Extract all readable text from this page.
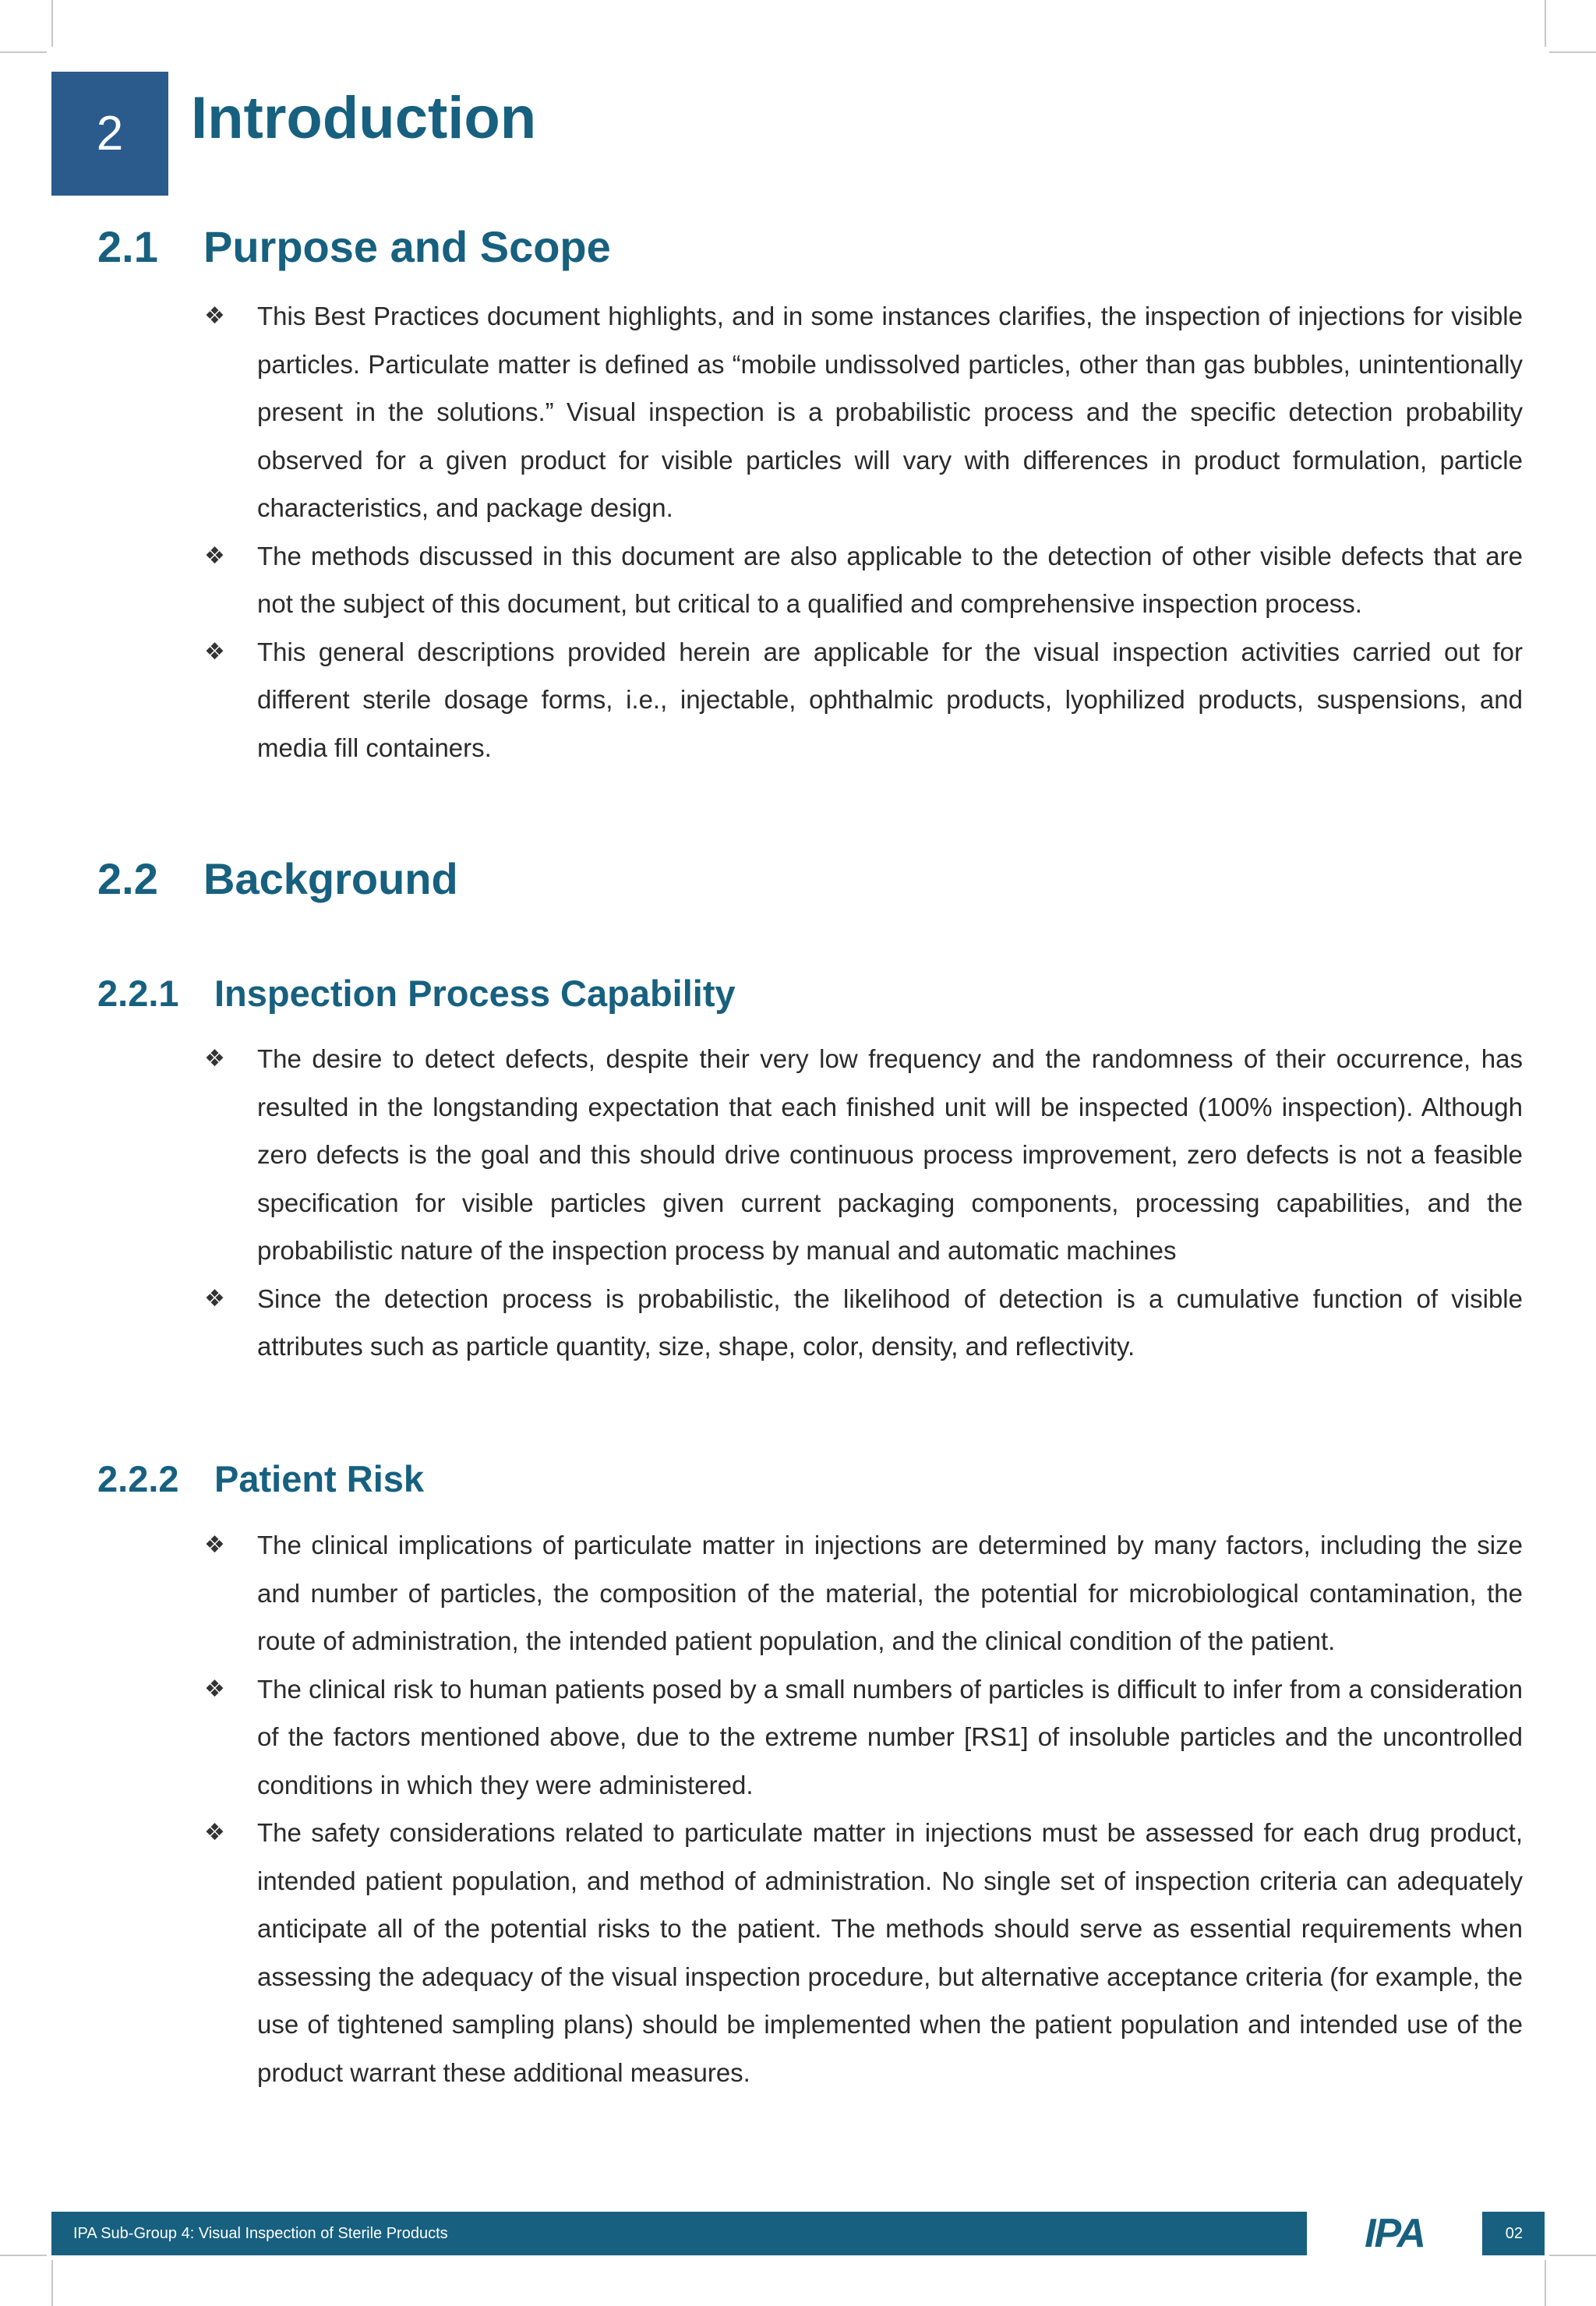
2 Introduction
2.1	Purpose and Scope
❖ This Best Practices document highlights, and in some instances clarifies, the inspection of injections for visible particles. Particulate matter is defined as “mobile undissolved particles, other than gas bubbles, unintentionally present in the solutions.” Visual inspection is a probabilistic process and the specific detection probability observed for a given product for visible particles will vary with differences in product formulation, particle characteristics, and package design.
❖ The methods discussed in this document are also applicable to the detection of other visible defects that are not the subject of this document, but critical to a qualified and comprehensive inspection process.
❖ This general descriptions provided herein are applicable for the visual inspection activities carried out for different sterile dosage forms, i.e., injectable, ophthalmic products, lyophilized products, suspensions, and media fill containers.
2.2	Background
2.2.1 Inspection Process Capability
❖ The desire to detect defects, despite their very low frequency and the randomness of their occurrence, has resulted in the longstanding expectation that each finished unit will be inspected (100% inspection). Although zero defects is the goal and this should drive continuous process improvement, zero defects is not a feasible specification for visible particles given current packaging components, processing capabilities, and the probabilistic nature of the inspection process by manual and automatic machines
❖ Since the detection process is probabilistic, the likelihood of detection is a cumulative function of visible attributes such as particle quantity, size, shape, color, density, and reflectivity.
2.2.2 Patient Risk
❖ The clinical implications of particulate matter in injections are determined by many factors, including the size and number of particles, the composition of the material, the potential for microbiological contamination, the route of administration, the intended patient population, and the clinical condition of the patient.
❖ The clinical risk to human patients posed by a small numbers of particles is difficult to infer from a consideration of the factors mentioned above, due to the extreme number [RS1] of insoluble particles and the uncontrolled conditions in which they were administered.
❖ The safety considerations related to particulate matter in injections must be assessed for each drug product, intended patient population, and method of administration. No single set of inspection criteria can adequately anticipate all of the potential risks to the patient. The methods should serve as essential requirements when assessing the adequacy of the visual inspection procedure, but alternative acceptance criteria (for example, the use of tightened sampling plans) should be implemented when the patient population and intended use of the product warrant these additional measures.
IPA Sub-Group 4: Visual Inspection of Sterile Products	IPA	02
